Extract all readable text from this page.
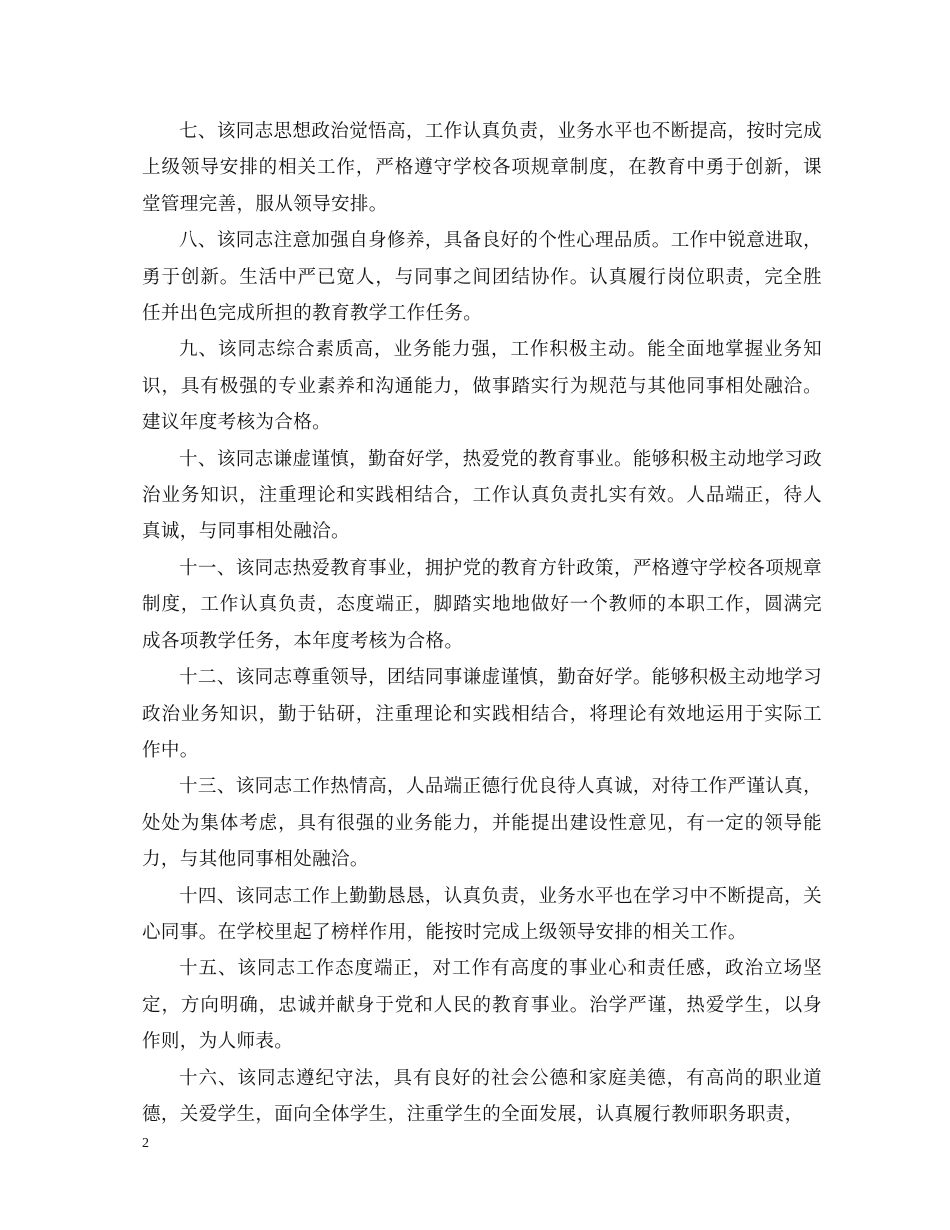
七、该同志思想政治觉悟高，工作认真负责，业务水平也不断提高，按时完成上级领导安排的相关工作，严格遵守学校各项规章制度，在教育中勇于创新，课堂管理完善，服从领导安排。

八、该同志注意加强自身修养，具备良好的个性心理品质。工作中锐意进取，勇于创新。生活中严已宽人，与同事之间团结协作。认真履行岗位职责，完全胜任并出色完成所担的教育教学工作任务。

九、该同志综合素质高，业务能力强，工作积极主动。能全面地掌握业务知识，具有极强的专业素养和沟通能力，做事踏实行为规范与其他同事相处融洽。建议年度考核为合格。

十、该同志谦虚谨慎，勤奋好学，热爱党的教育事业。能够积极主动地学习政治业务知识，注重理论和实践相结合，工作认真负责扎实有效。人品端正，待人真诚，与同事相处融洽。

十一、该同志热爱教育事业，拥护党的教育方针政策，严格遵守学校各项规章制度，工作认真负责，态度端正，脚踏实地地做好一个教师的本职工作，圆满完成各项教学任务，本年度考核为合格。

十二、该同志尊重领导，团结同事谦虚谨慎，勤奋好学。能够积极主动地学习政治业务知识，勤于钻研，注重理论和实践相结合，将理论有效地运用于实际工作中。

十三、该同志工作热情高，人品端正德行优良待人真诚，对待工作严谨认真，处处为集体考虑，具有很强的业务能力，并能提出建设性意见，有一定的领导能力，与其他同事相处融洽。

十四、该同志工作上勤勤恳恳，认真负责，业务水平也在学习中不断提高，关心同事。在学校里起了榜样作用，能按时完成上级领导安排的相关工作。

十五、该同志工作态度端正，对工作有高度的事业心和责任感，政治立场坚定，方向明确，忠诚并献身于党和人民的教育事业。治学严谨，热爱学生，以身作则，为人师表。

十六、该同志遵纪守法，具有良好的社会公德和家庭美德，有高尚的职业道德，关爱学生，面向全体学生，注重学生的全面发展，认真履行教师职务职责，

2
